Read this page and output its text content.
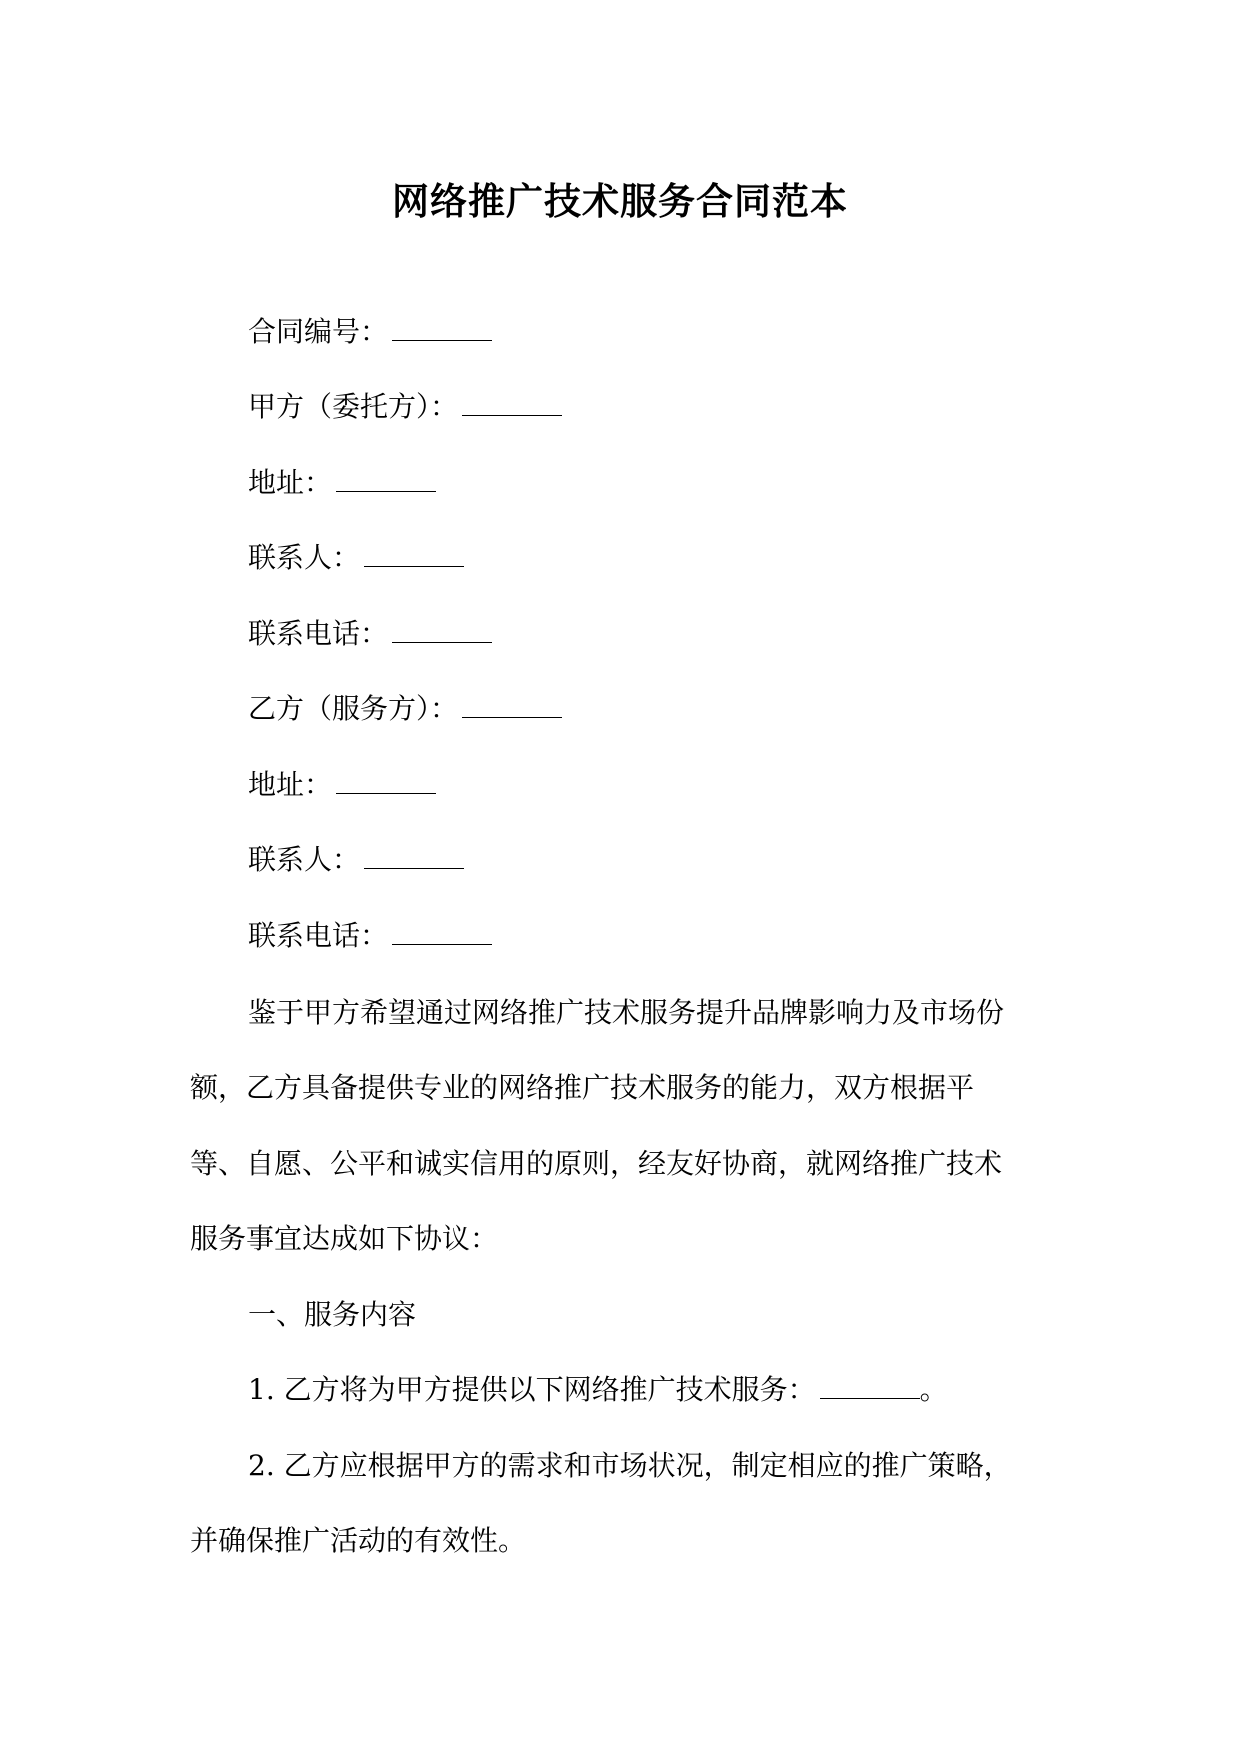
网络推广技术服务合同范本
合同编号：
甲方（委托方）：
地址：
联系人：
联系电话：
乙方（服务方）：
地址：
联系人：
联系电话：
鉴于甲方希望通过网络推广技术服务提升品牌影响力及市场份
额，乙方具备提供专业的网络推广技术服务的能力，双方根据平
等、自愿、公平和诚实信用的原则，经友好协商，就网络推广技术
服务事宜达成如下协议：
一、服务内容
1. 乙方将为甲方提供以下网络推广技术服务：	。
2. 乙方应根据甲方的需求和市场状况，制定相应的推广策略，
并确保推广活动的有效性。
